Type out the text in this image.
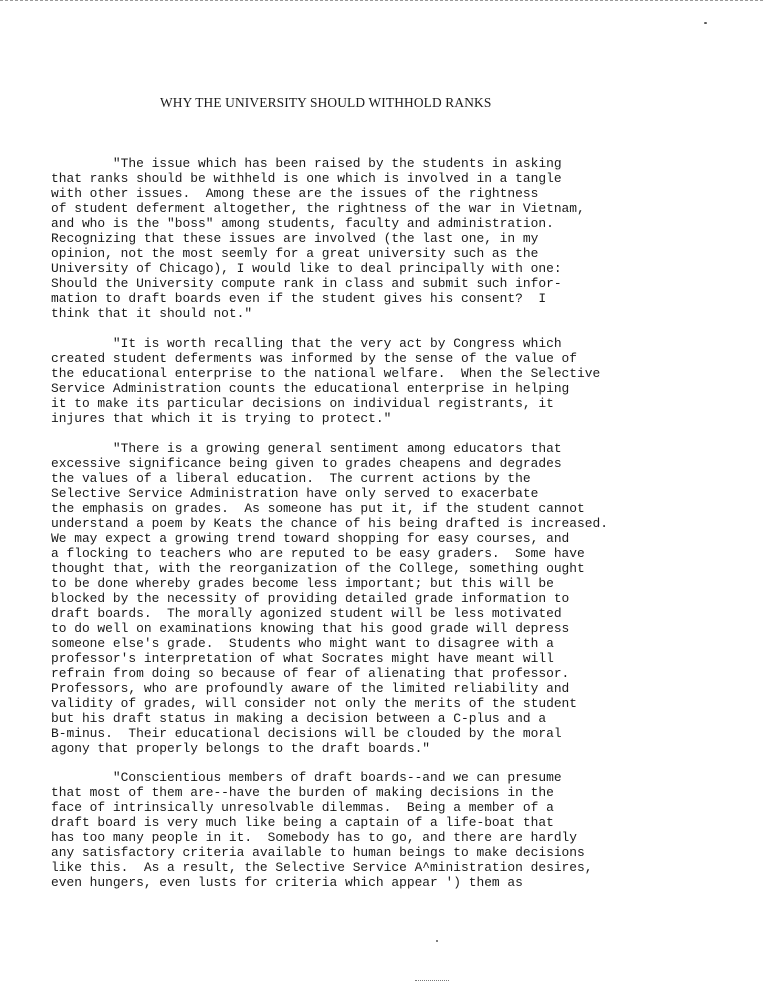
WHY THE UNIVERSITY SHOULD WITHHOLD RANKS
"The issue which has been raised by the students in asking
that ranks should be withheld is one which is involved in a tangle
with other issues.  Among these are the issues of the rightness
of student deferment altogether, the rightness of the war in Vietnam,
and who is the "boss" among students, faculty and administration.
Recognizing that these issues are involved (the last one, in my
opinion, not the most seemly for a great university such as the
University of Chicago), I would like to deal principally with one:
Should the University compute rank in class and submit such infor-
mation to draft boards even if the student gives his consent?  I
think that it should not."
"It is worth recalling that the very act by Congress which
created student deferments was informed by the sense of the value of
the educational enterprise to the national welfare.  When the Selective
Service Administration counts the educational enterprise in helping
it to make its particular decisions on individual registrants, it
injures that which it is trying to protect."
"There is a growing general sentiment among educators that
excessive significance being given to grades cheapens and degrades
the values of a liberal education.  The current actions by the
Selective Service Administration have only served to exacerbate
the emphasis on grades.  As someone has put it, if the student cannot
understand a poem by Keats the chance of his being drafted is increased.
We may expect a growing trend toward shopping for easy courses, and
a flocking to teachers who are reputed to be easy graders.  Some have
thought that, with the reorganization of the College, something ought
to be done whereby grades become less important; but this will be
blocked by the necessity of providing detailed grade information to
draft boards.  The morally agonized student will be less motivated
to do well on examinations knowing that his good grade will depress
someone else's grade.  Students who might want to disagree with a
professor's interpretation of what Socrates might have meant will
refrain from doing so because of fear of alienating that professor.
Professors, who are profoundly aware of the limited reliability and
validity of grades, will consider not only the merits of the student
but his draft status in making a decision between a C-plus and a
B-minus.  Their educational decisions will be clouded by the moral
agony that properly belongs to the draft boards."
"Conscientious members of draft boards--and we can presume
that most of them are--have the burden of making decisions in the
face of intrinsically unresolvable dilemmas.  Being a member of a
draft board is very much like being a captain of a life-boat that
has too many people in it.  Somebody has to go, and there are hardly
any satisfactory criteria available to human beings to make decisions
like this.  As a result, the Selective Service A^ministration desires,
even hungers, even lusts for criteria which appear ') them as
